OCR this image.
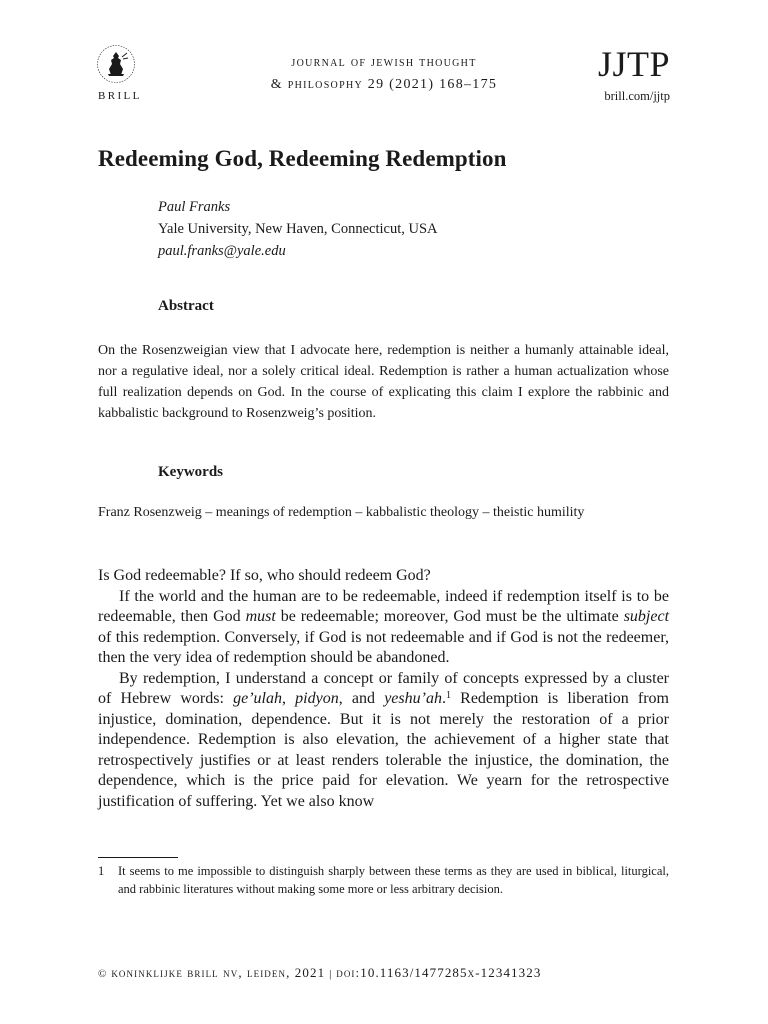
BRILL
journal of jewish thought
& philosophy 29 (2021) 168–175
JJTP
brill.com/jjtp
Redeeming God, Redeeming Redemption
Paul Franks
Yale University, New Haven, Connecticut, USA
paul.franks@yale.edu
Abstract

On the Rosenzweigian view that I advocate here, redemption is neither a humanly attainable ideal, nor a regulative ideal, nor a solely critical ideal. Redemption is rather a human actualization whose full realization depends on God. In the course of explicating this claim I explore the rabbinic and kabbalistic background to Rosenzweig’s position.

Keywords

Franz Rosenzweig – meanings of redemption – kabbalistic theology – theistic humility

Is God redeemable? If so, who should redeem God?

If the world and the human are to be redeemable, indeed if redemption itself is to be redeemable, then God must be redeemable; moreover, God must be the ultimate subject of this redemption. Conversely, if God is not redeemable and if God is not the redeemer, then the very idea of redemption should be abandoned.

By redemption, I understand a concept or family of concepts expressed by a cluster of Hebrew words: ge’ulah, pidyon, and yeshu’ah.$^1$ Redemption is liberation from injustice, domination, dependence. But it is not merely the restoration of a prior independence. Redemption is also elevation, the achievement of a higher state that retrospectively justifies or at least renders tolerable the injustice, the domination, the dependence, which is the price paid for elevation. We yearn for the retrospective justification of suffering. Yet we also know

1 It seems to me impossible to distinguish sharply between these terms as they are used in biblical, liturgical, and rabbinic literatures without making some more or less arbitrary decision.
© koninklijke brill nv, leiden, 2021 | doi:10.1163/1477285x-12341323
